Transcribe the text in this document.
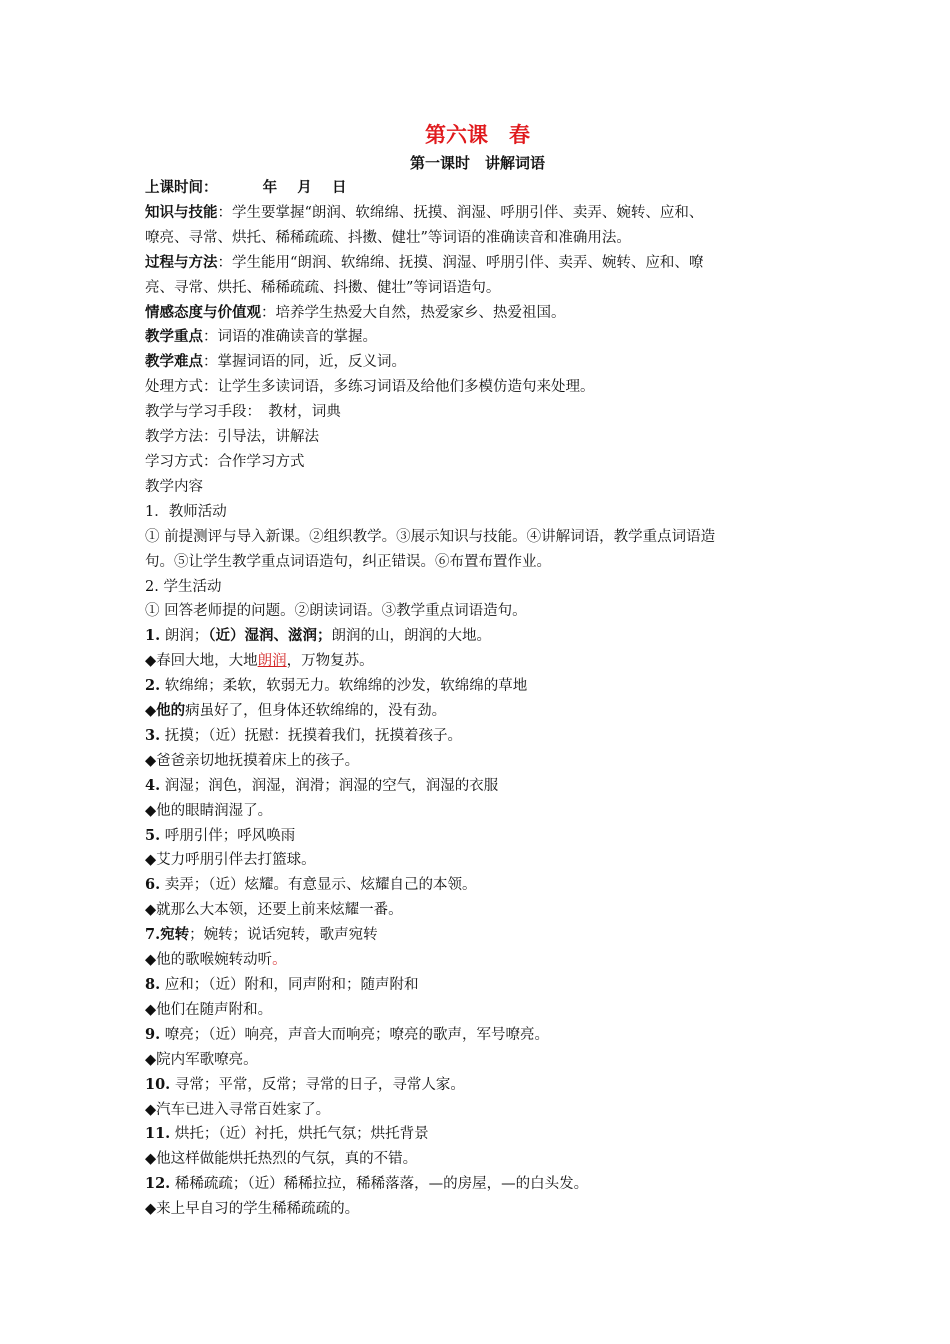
第六课　春
第一课时　讲解词语

上课时间：	年 月 日

知识与技能：学生要掌握“朗润、软绵绵、抚摸、润湿、呼朋引伴、卖弄、婉转、应和、

嘹亮、寻常、烘托、稀稀疏疏、抖擞、健壮”等词语的准确读音和准确用法。

过程与方法：学生能用“朗润、软绵绵、抚摸、润湿、呼朋引伴、卖弄、婉转、应和、嘹

亮、寻常、烘托、稀稀疏疏、抖擞、健壮”等词语造句。

情感态度与价值观：培养学生热爱大自然，热爱家乡、热爱祖国。

教学重点：词语的准确读音的掌握。

教学难点：掌握词语的同，近，反义词。

处理方式：让学生多读词语，多练习词语及给他们多模仿造句来处理。

教学与学习手段：　教材，词典

教学方法：引导法，讲解法

学习方式：合作学习方式

教学内容

1．教师活动

① 前提测评与导入新课。②组织教学。③展示知识与技能。④讲解词语，教学重点词语造

句。⑤让学生教学重点词语造句，纠正错误。⑥布置布置作业。

2. 学生活动

① 回答老师提的问题。②朗读词语。③教学重点词语造句。

1. 朗润；（近）湿润、滋润；朗润的山，朗润的大地。

◆春回大地，大地朗润，万物复苏。

2. 软绵绵；柔软，软弱无力。软绵绵的沙发，软绵绵的草地

◆他的病虽好了，但身体还软绵绵的，没有劲。

3. 抚摸；（近）抚慰：抚摸着我们，抚摸着孩子。

◆爸爸亲切地抚摸着床上的孩子。

4. 润湿；润色，润湿，润滑；润湿的空气，润湿的衣服

◆他的眼睛润湿了。

5. 呼朋引伴；呼风唤雨

◆艾力呼朋引伴去打篮球。

6. 卖弄；（近）炫耀。有意显示、炫耀自己的本领。

◆就那么大本领，还要上前来炫耀一番。

7.宛转；婉转；说话宛转，歌声宛转

◆他的歌喉婉转动听。

8. 应和；（近）附和，同声附和；随声附和

◆他们在随声附和。

9. 嘹亮；（近）响亮，声音大而响亮；嘹亮的歌声，军号嘹亮。

◆院内军歌嘹亮。

10. 寻常；平常，反常；寻常的日子，寻常人家。

◆汽车已进入寻常百姓家了。

11. 烘托；（近）衬托，烘托气氛；烘托背景

◆他这样做能烘托热烈的气氛，真的不错。

12. 稀稀疏疏；（近）稀稀拉拉，稀稀落落，—的房屋，—的白头发。

◆来上早自习的学生稀稀疏疏的。
